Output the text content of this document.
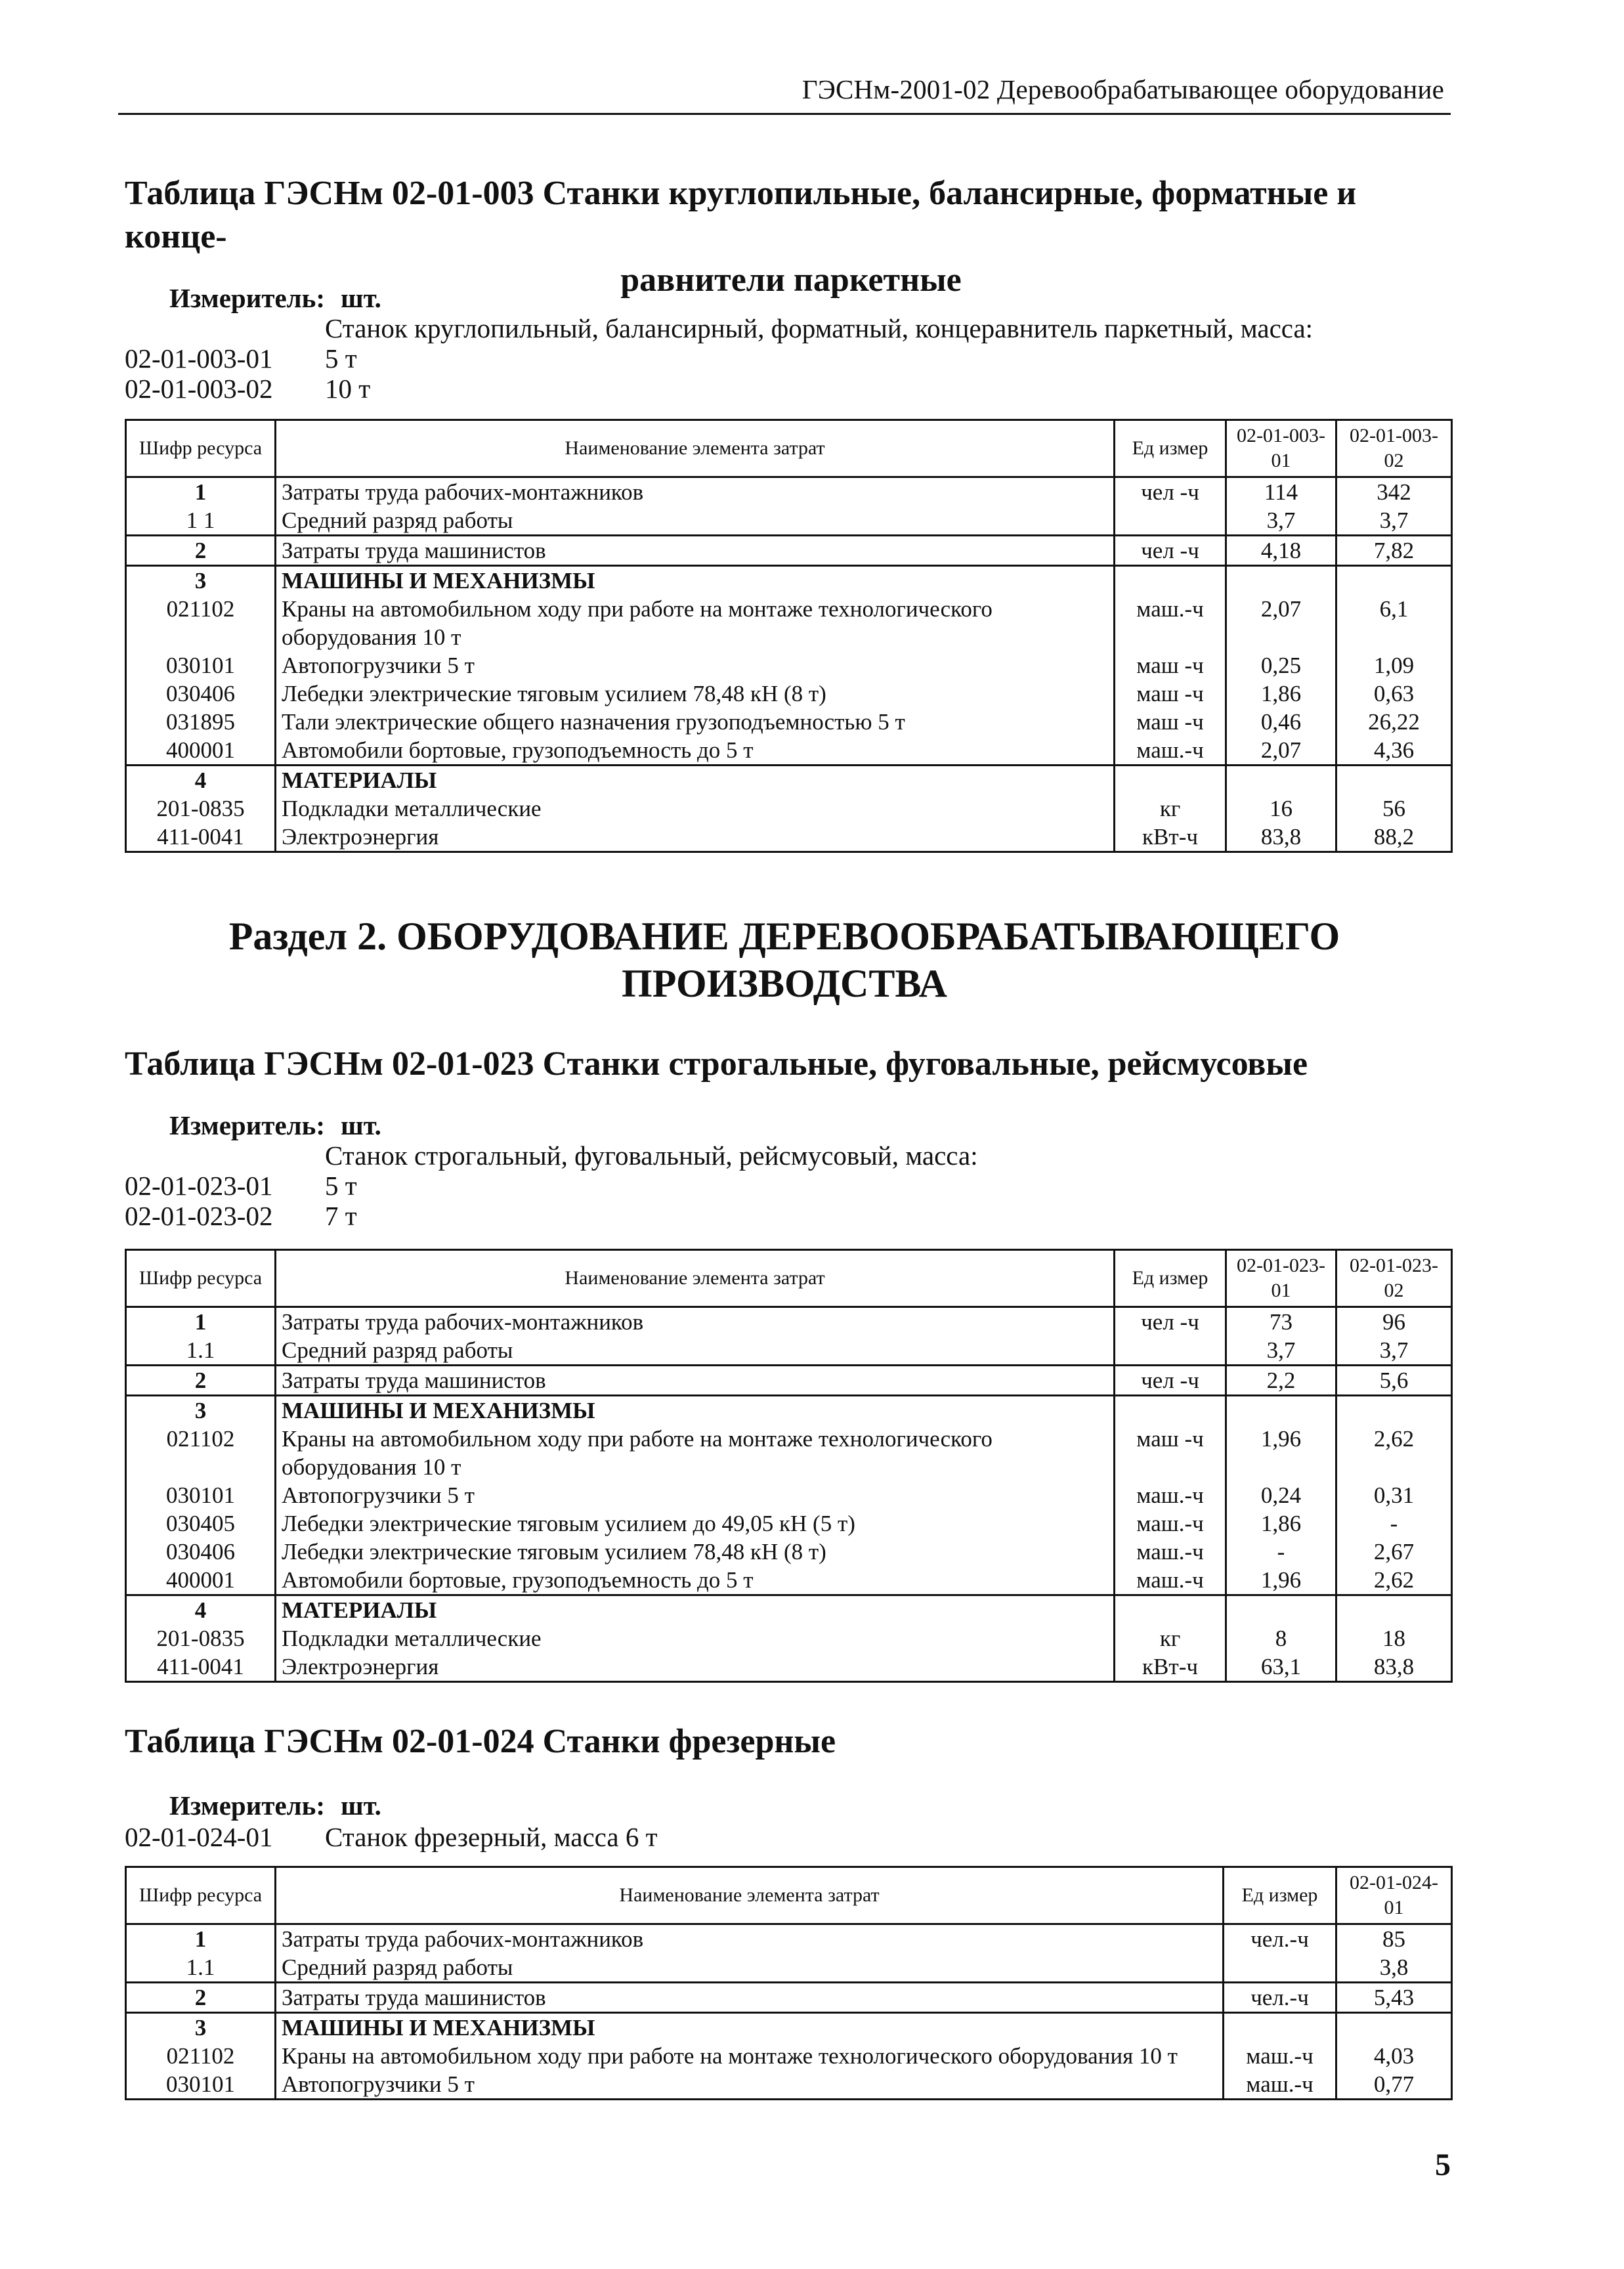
ГЭСНм-2001-02 Деревообрабатывающее оборудование
Таблица ГЭСНм 02-01-003 Станки круглопильные, балансирные, форматные и конце-
равнители паркетные
Измеритель: шт.
Станок круглопильный, балансирный, форматный, концеравнитель паркетный, масса:
02-01-003-01 5 т
02-01-003-02 10 т
Шифр ресурса	Наименование элемента затрат	Ед измер	02-01-003-01	02-01-003-02
1	Затраты труда рабочих-монтажников	чел -ч	114	342
1 1	Средний разряд работы		3,7	3,7
2	Затраты труда машинистов	чел -ч	4,18	7,82
3	МАШИНЫ И МЕХАНИЗМЫ			
021102	Краны на автомобильном ходу при работе на монтаже технологического оборудования 10 т	маш.-ч	2,07	6,1
030101	Автопогрузчики 5 т	маш -ч	0,25	1,09
030406	Лебедки электрические тяговым усилием 78,48 кН (8 т)	маш -ч	1,86	0,63
031895	Тали электрические общего назначения грузоподъемностью 5 т	маш -ч	0,46	26,22
400001	Автомобили бортовые, грузоподъемность до 5 т	маш.-ч	2,07	4,36
4	МАТЕРИАЛЫ			
201-0835	Подкладки металлические	кг	16	56
411-0041	Электроэнергия	кВт-ч	83,8	88,2
Раздел 2. ОБОРУДОВАНИЕ ДЕРЕВООБРАБАТЫВАЮЩЕГО
ПРОИЗВОДСТВА
Таблица ГЭСНм 02-01-023 Станки строгальные, фуговальные, рейсмусовые
Измеритель: шт.
Станок строгальный, фуговальный, рейсмусовый, масса:
02-01-023-01 5 т
02-01-023-02 7 т
Шифр ресурса	Наименование элемента затрат	Ед измер	02-01-023-01	02-01-023-02
1	Затраты труда рабочих-монтажников	чел -ч	73	96
1.1	Средний разряд работы		3,7	3,7
2	Затраты труда машинистов	чел -ч	2,2	5,6
3	МАШИНЫ И МЕХАНИЗМЫ			
021102	Краны на автомобильном ходу при работе на монтаже технологического оборудования 10 т	маш -ч	1,96	2,62
030101	Автопогрузчики 5 т	маш.-ч	0,24	0,31
030405	Лебедки электрические тяговым усилием до 49,05 кН (5 т)	маш.-ч	1,86	-
030406	Лебедки электрические тяговым усилием 78,48 кН (8 т)	маш.-ч	-	2,67
400001	Автомобили бортовые, грузоподъемность до 5 т	маш.-ч	1,96	2,62
4	МАТЕРИАЛЫ			
201-0835	Подкладки металлические	кг	8	18
411-0041	Электроэнергия	кВт-ч	63,1	83,8
Таблица ГЭСНм 02-01-024 Станки фрезерные
Измеритель: шт.
02-01-024-01 Станок фрезерный, масса 6 т
Шифр ресурса	Наименование элемента затрат	Ед измер	02-01-024-01
1	Затраты труда рабочих-монтажников	чел.-ч	85
1.1	Средний разряд работы		3,8
2	Затраты труда машинистов	чел.-ч	5,43
3	МАШИНЫ И МЕХАНИЗМЫ		
021102	Краны на автомобильном ходу при работе на монтаже технологического оборудования 10 т	маш.-ч	4,03
030101	Автопогрузчики 5 т	маш.-ч	0,77
5
